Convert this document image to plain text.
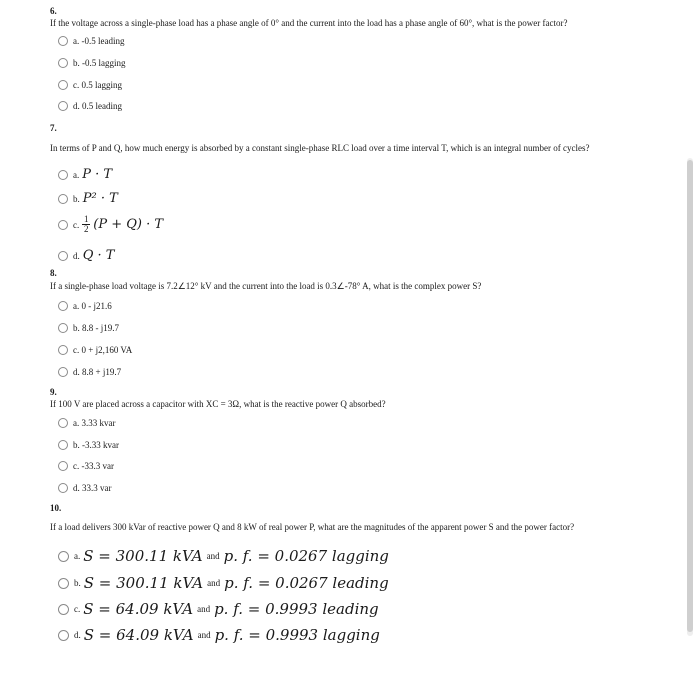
6.
If the voltage across a single-phase load has a phase angle of 0° and the current into the load has a phase angle of 60°, what is the power factor?
a. -0.5 leading
b. -0.5 lagging
c. 0.5 lagging
d. 0.5 leading
7.
In terms of P and Q, how much energy is absorbed by a constant single-phase RLC load over a time interval T, which is an integral number of cycles?
a. P · T
b. P² · T
c. $\frac{1}{2} (P + Q) \cdot T$
d. Q · T
8.
If a single-phase load voltage is 7.2∠12° kV and the current into the load is 0.3∠-78° A, what is the complex power S?
a. 0 - j21.6
b. 8.8 - j19.7
c. 0 + j2,160 VA
d. 8.8 + j19.7
9.
If 100 V are placed across a capacitor with XC = 3Ω, what is the reactive power Q absorbed?
a. 3.33 kvar
b. -3.33 kvar
c. -33.3 var
d. 33.3 var
10.
If a load delivers 300 kVar of reactive power Q and 8 kW of real power P, what are the magnitudes of the apparent power S and the power factor?
a. S = 300.11 kVA and p. f. = 0.0267 lagging
b. S = 300.11 kVA and p. f. = 0.0267 leading
c. S = 64.09 kVA and p. f. = 0.9993 leading
d. S = 64.09 kVA and p. f. = 0.9993 lagging
